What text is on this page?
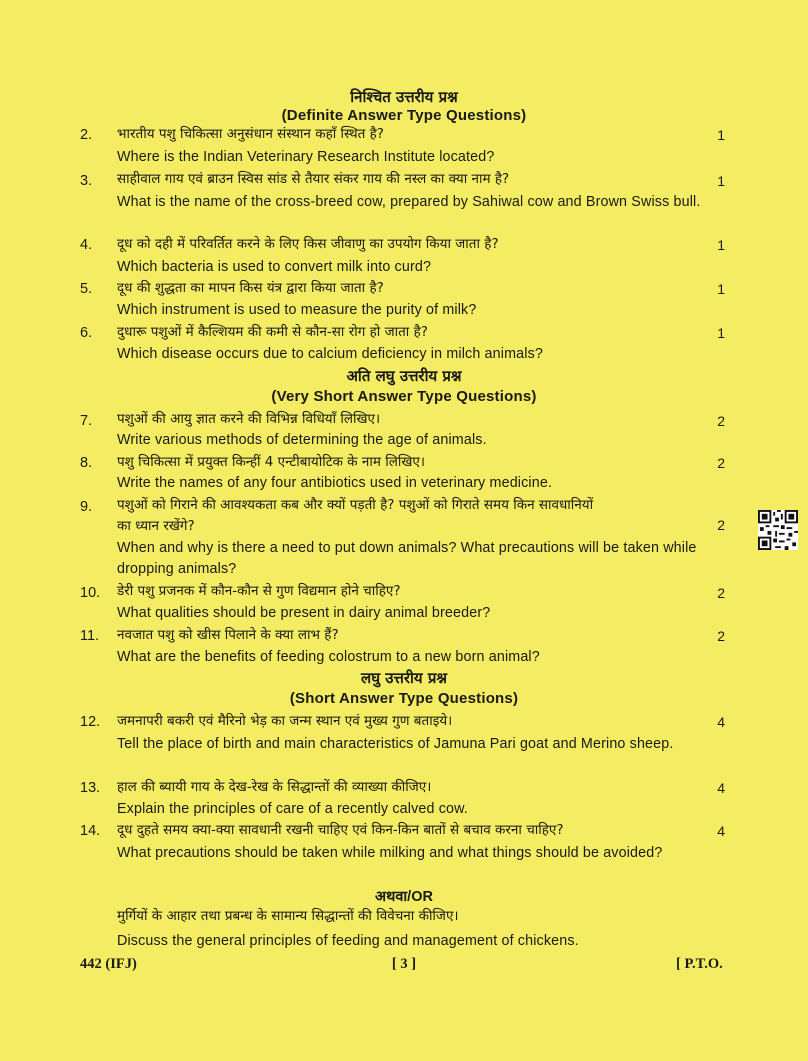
निश्चित उत्तरीय प्रश्न
(Definite Answer Type Questions)
2.	भारतीय पशु चिकित्सा अनुसंधान संस्थान कहाँ स्थित है?	1
Where is the Indian Veterinary Research Institute located?
3.	साहीवाल गाय एवं ब्राउन स्विस सांड से तैयार संकर गाय की नस्ल का क्या नाम है?	1
What is the name of the cross-breed cow, prepared by Sahiwal cow and Brown Swiss bull.
4.	दूध को दही में परिवर्तित करने के लिए किस जीवाणु का उपयोग किया जाता है?	1
Which bacteria is used to convert milk into curd?
5.	दूध की शुद्धता का मापन किस यंत्र द्वारा किया जाता है?	1
Which instrument is used to measure the purity of milk?
6.	दुधारू पशुओं में कैल्शियम की कमी से कौन-सा रोग हो जाता है?	1
Which disease occurs due to calcium deficiency in milch animals?
अति लघु उत्तरीय प्रश्न
(Very Short Answer Type Questions)
7.	पशुओं की आयु ज्ञात करने की विभिन्न विधियाँ लिखिए।	2
Write various methods of determining the age of animals.
8.	पशु चिकित्सा में प्रयुक्त किन्हीं 4 एन्टीबायोटिक के नाम लिखिए।	2
Write the names of any four antibiotics used in veterinary medicine.
9.	पशुओं को गिराने की आवश्यकता कब और क्यों पड़ती है? पशुओं को गिराते समय किन सावधानियों
का ध्यान रखेंगे?	2
When and why is there a need to put down animals? What precautions will be taken while dropping animals?
10.	डेरी पशु प्रजनक में कौन-कौन से गुण विद्यमान होने चाहिए?	2
What qualities should be present in dairy animal breeder?
11.	नवजात पशु को खीस पिलाने के क्या लाभ हैं?	2
What are the benefits of feeding colostrum to a new born animal?
लघु उत्तरीय प्रश्न
(Short Answer Type Questions)
12.	जमनापरी बकरी एवं मैरिनो भेड़ का जन्म स्थान एवं मुख्य गुण बताइये।	4
Tell the place of birth and main characteristics of Jamuna Pari goat and Merino sheep.
13.	हाल की ब्यायी गाय के देख-रेख के सिद्धान्तों की व्याख्या कीजिए।	4
Explain the principles of care of a recently calved cow.
14.	दूध दुहते समय क्या-क्या सावधानी रखनी चाहिए एवं किन-किन बातों से बचाव करना चाहिए?	4
What precautions should be taken while milking and what things should be avoided?
अथवा/OR
मुर्गियों के आहार तथा प्रबन्ध के सामान्य सिद्धान्तों की विवेचना कीजिए।
Discuss the general principles of feeding and management of chickens.
442 (IFJ)	[ 3 ]	[ P.T.O.
